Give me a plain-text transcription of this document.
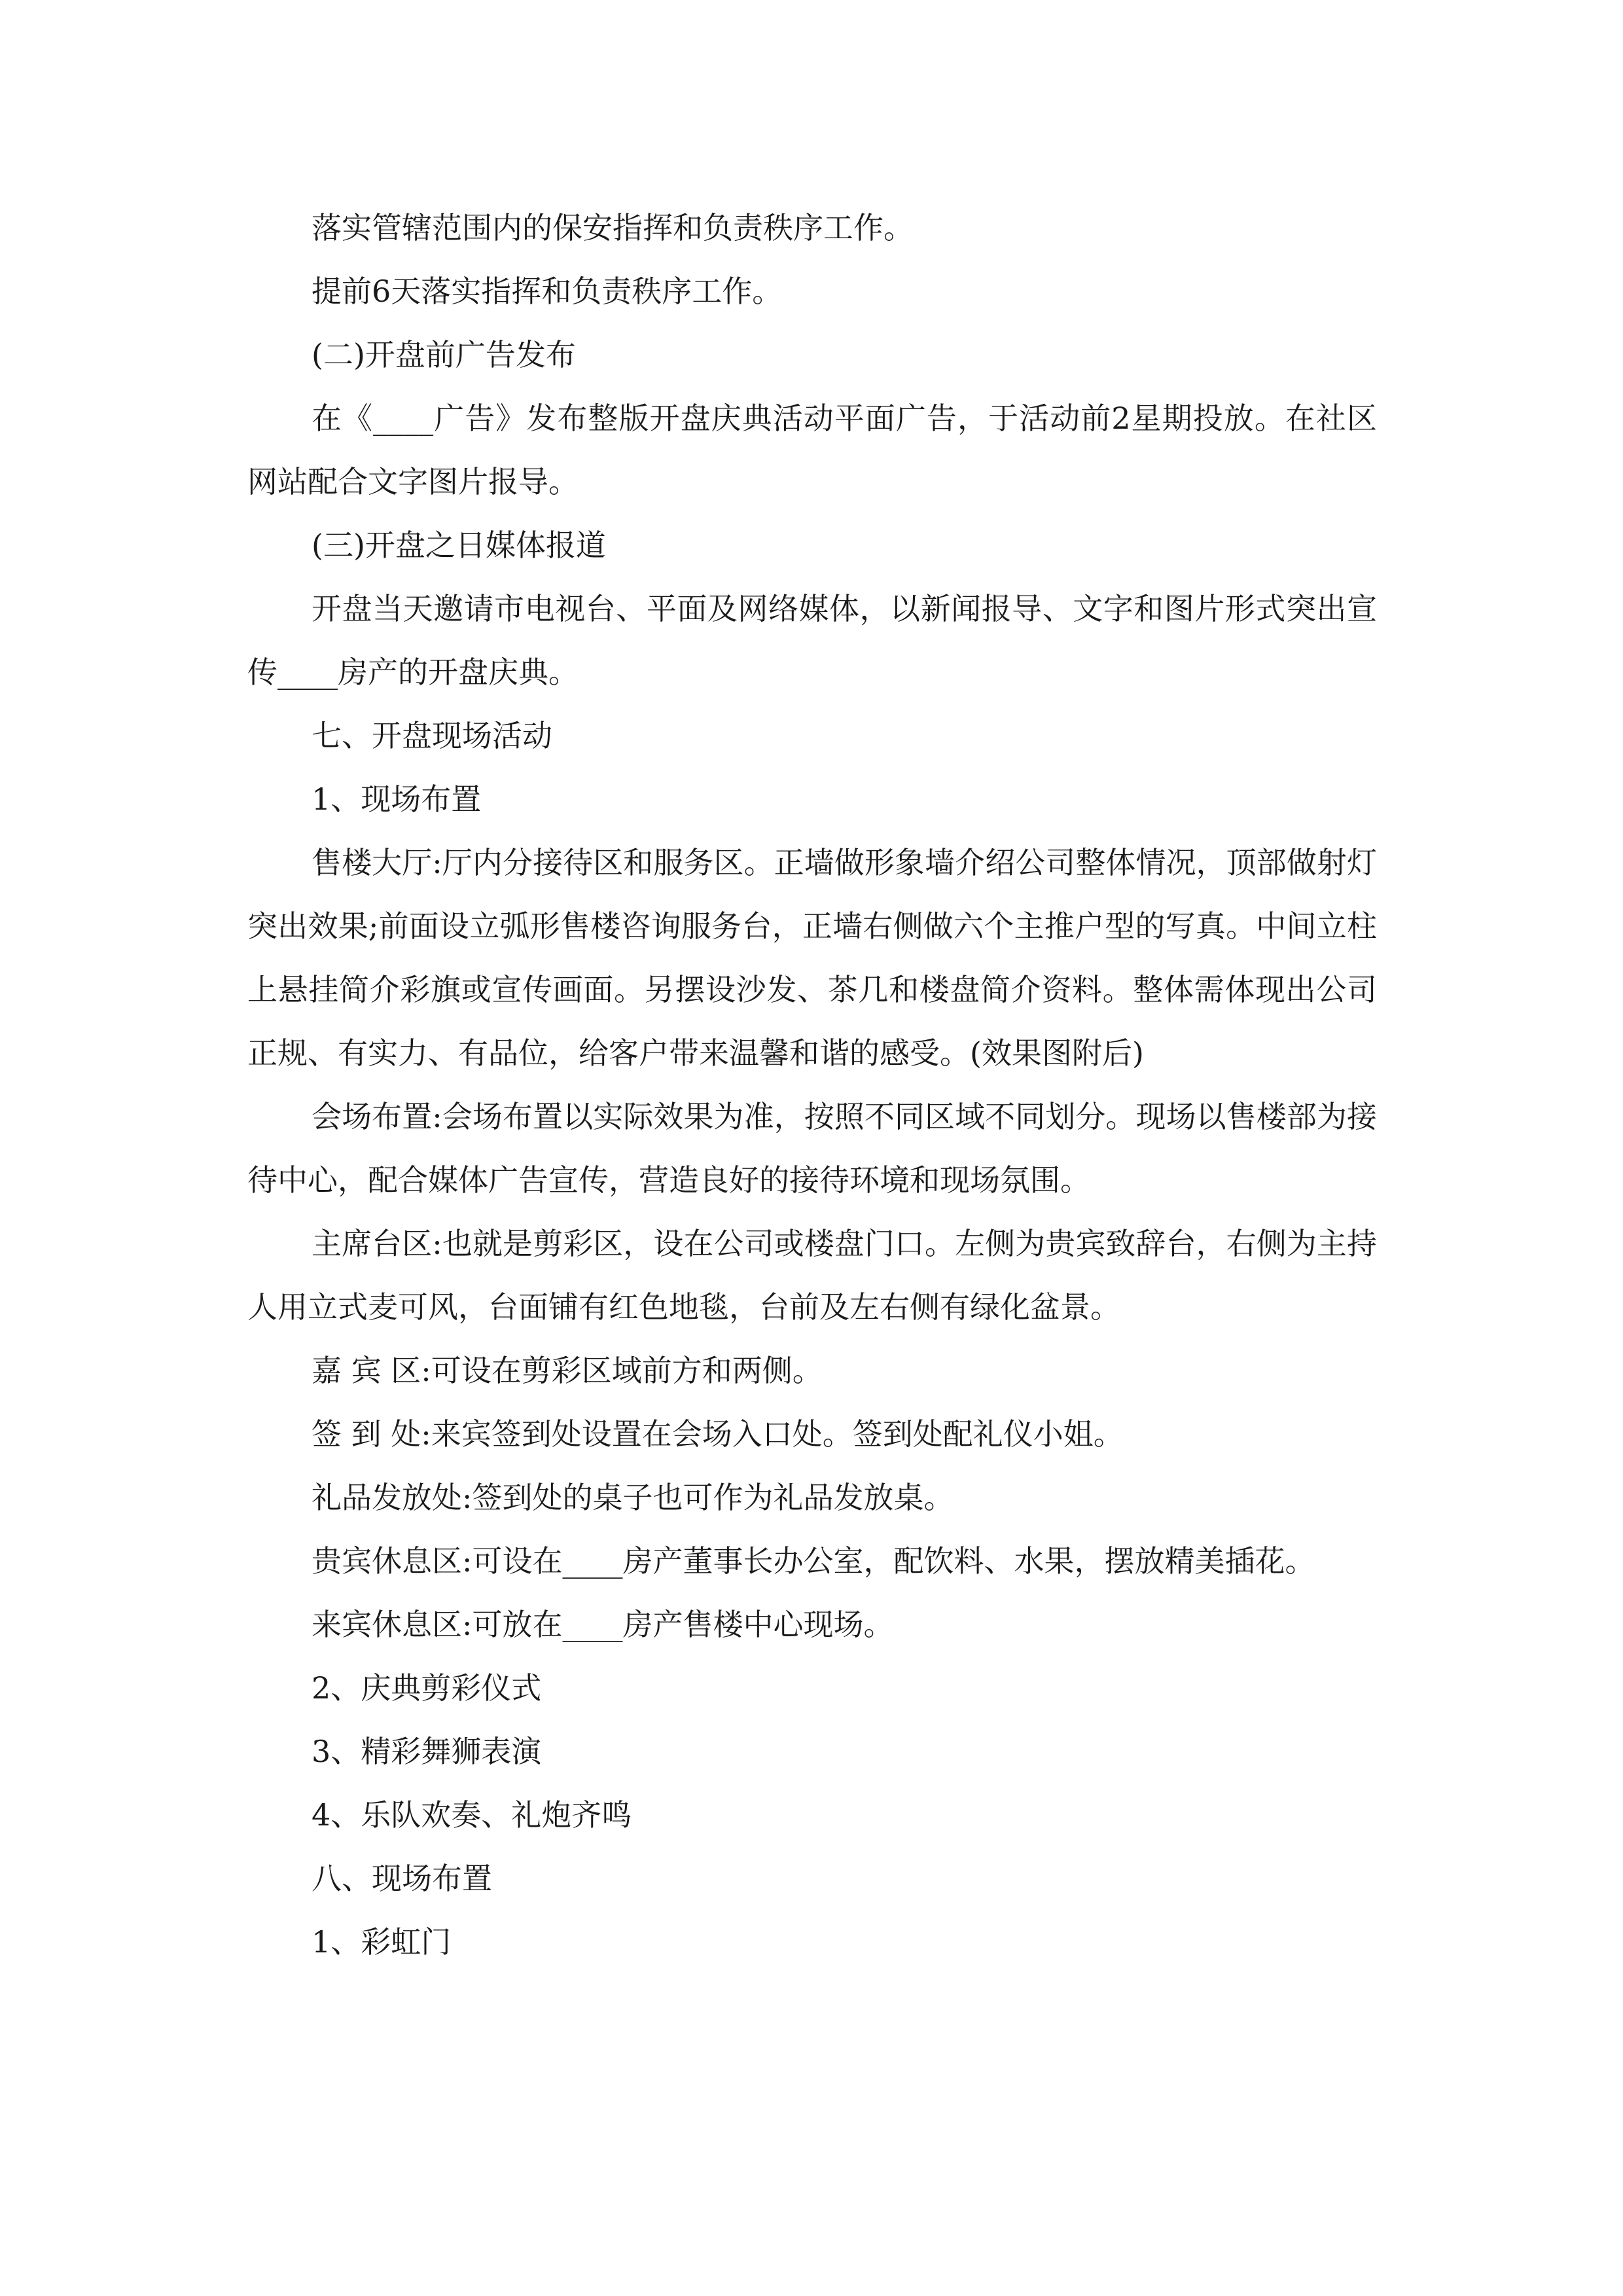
落实管辖范围内的保安指挥和负责秩序工作。

提前6天落实指挥和负责秩序工作。

(二)开盘前广告发布

在《____广告》发布整版开盘庆典活动平面广告，于活动前2星期投放。在社区网站配合文字图片报导。

(三)开盘之日媒体报道

开盘当天邀请市电视台、平面及网络媒体，以新闻报导、文字和图片形式突出宣传____房产的开盘庆典。

七、开盘现场活动

1、现场布置

售楼大厅:厅内分接待区和服务区。正墙做形象墙介绍公司整体情况，顶部做射灯突出效果;前面设立弧形售楼咨询服务台，正墙右侧做六个主推户型的写真。中间立柱上悬挂简介彩旗或宣传画面。另摆设沙发、茶几和楼盘简介资料。整体需体现出公司正规、有实力、有品位，给客户带来温馨和谐的感受。(效果图附后)

会场布置:会场布置以实际效果为准，按照不同区域不同划分。现场以售楼部为接待中心，配合媒体广告宣传，营造良好的接待环境和现场氛围。

主席台区:也就是剪彩区，设在公司或楼盘门口。左侧为贵宾致辞台，右侧为主持人用立式麦可风，台面铺有红色地毯，台前及左右侧有绿化盆景。

嘉 宾 区:可设在剪彩区域前方和两侧。

签 到 处:来宾签到处设置在会场入口处。签到处配礼仪小姐。

礼品发放处:签到处的桌子也可作为礼品发放桌。

贵宾休息区:可设在____房产董事长办公室，配饮料、水果，摆放精美插花。

来宾休息区:可放在____房产售楼中心现场。

2、庆典剪彩仪式

3、精彩舞狮表演

4、乐队欢奏、礼炮齐鸣

八、现场布置

1、彩虹门
